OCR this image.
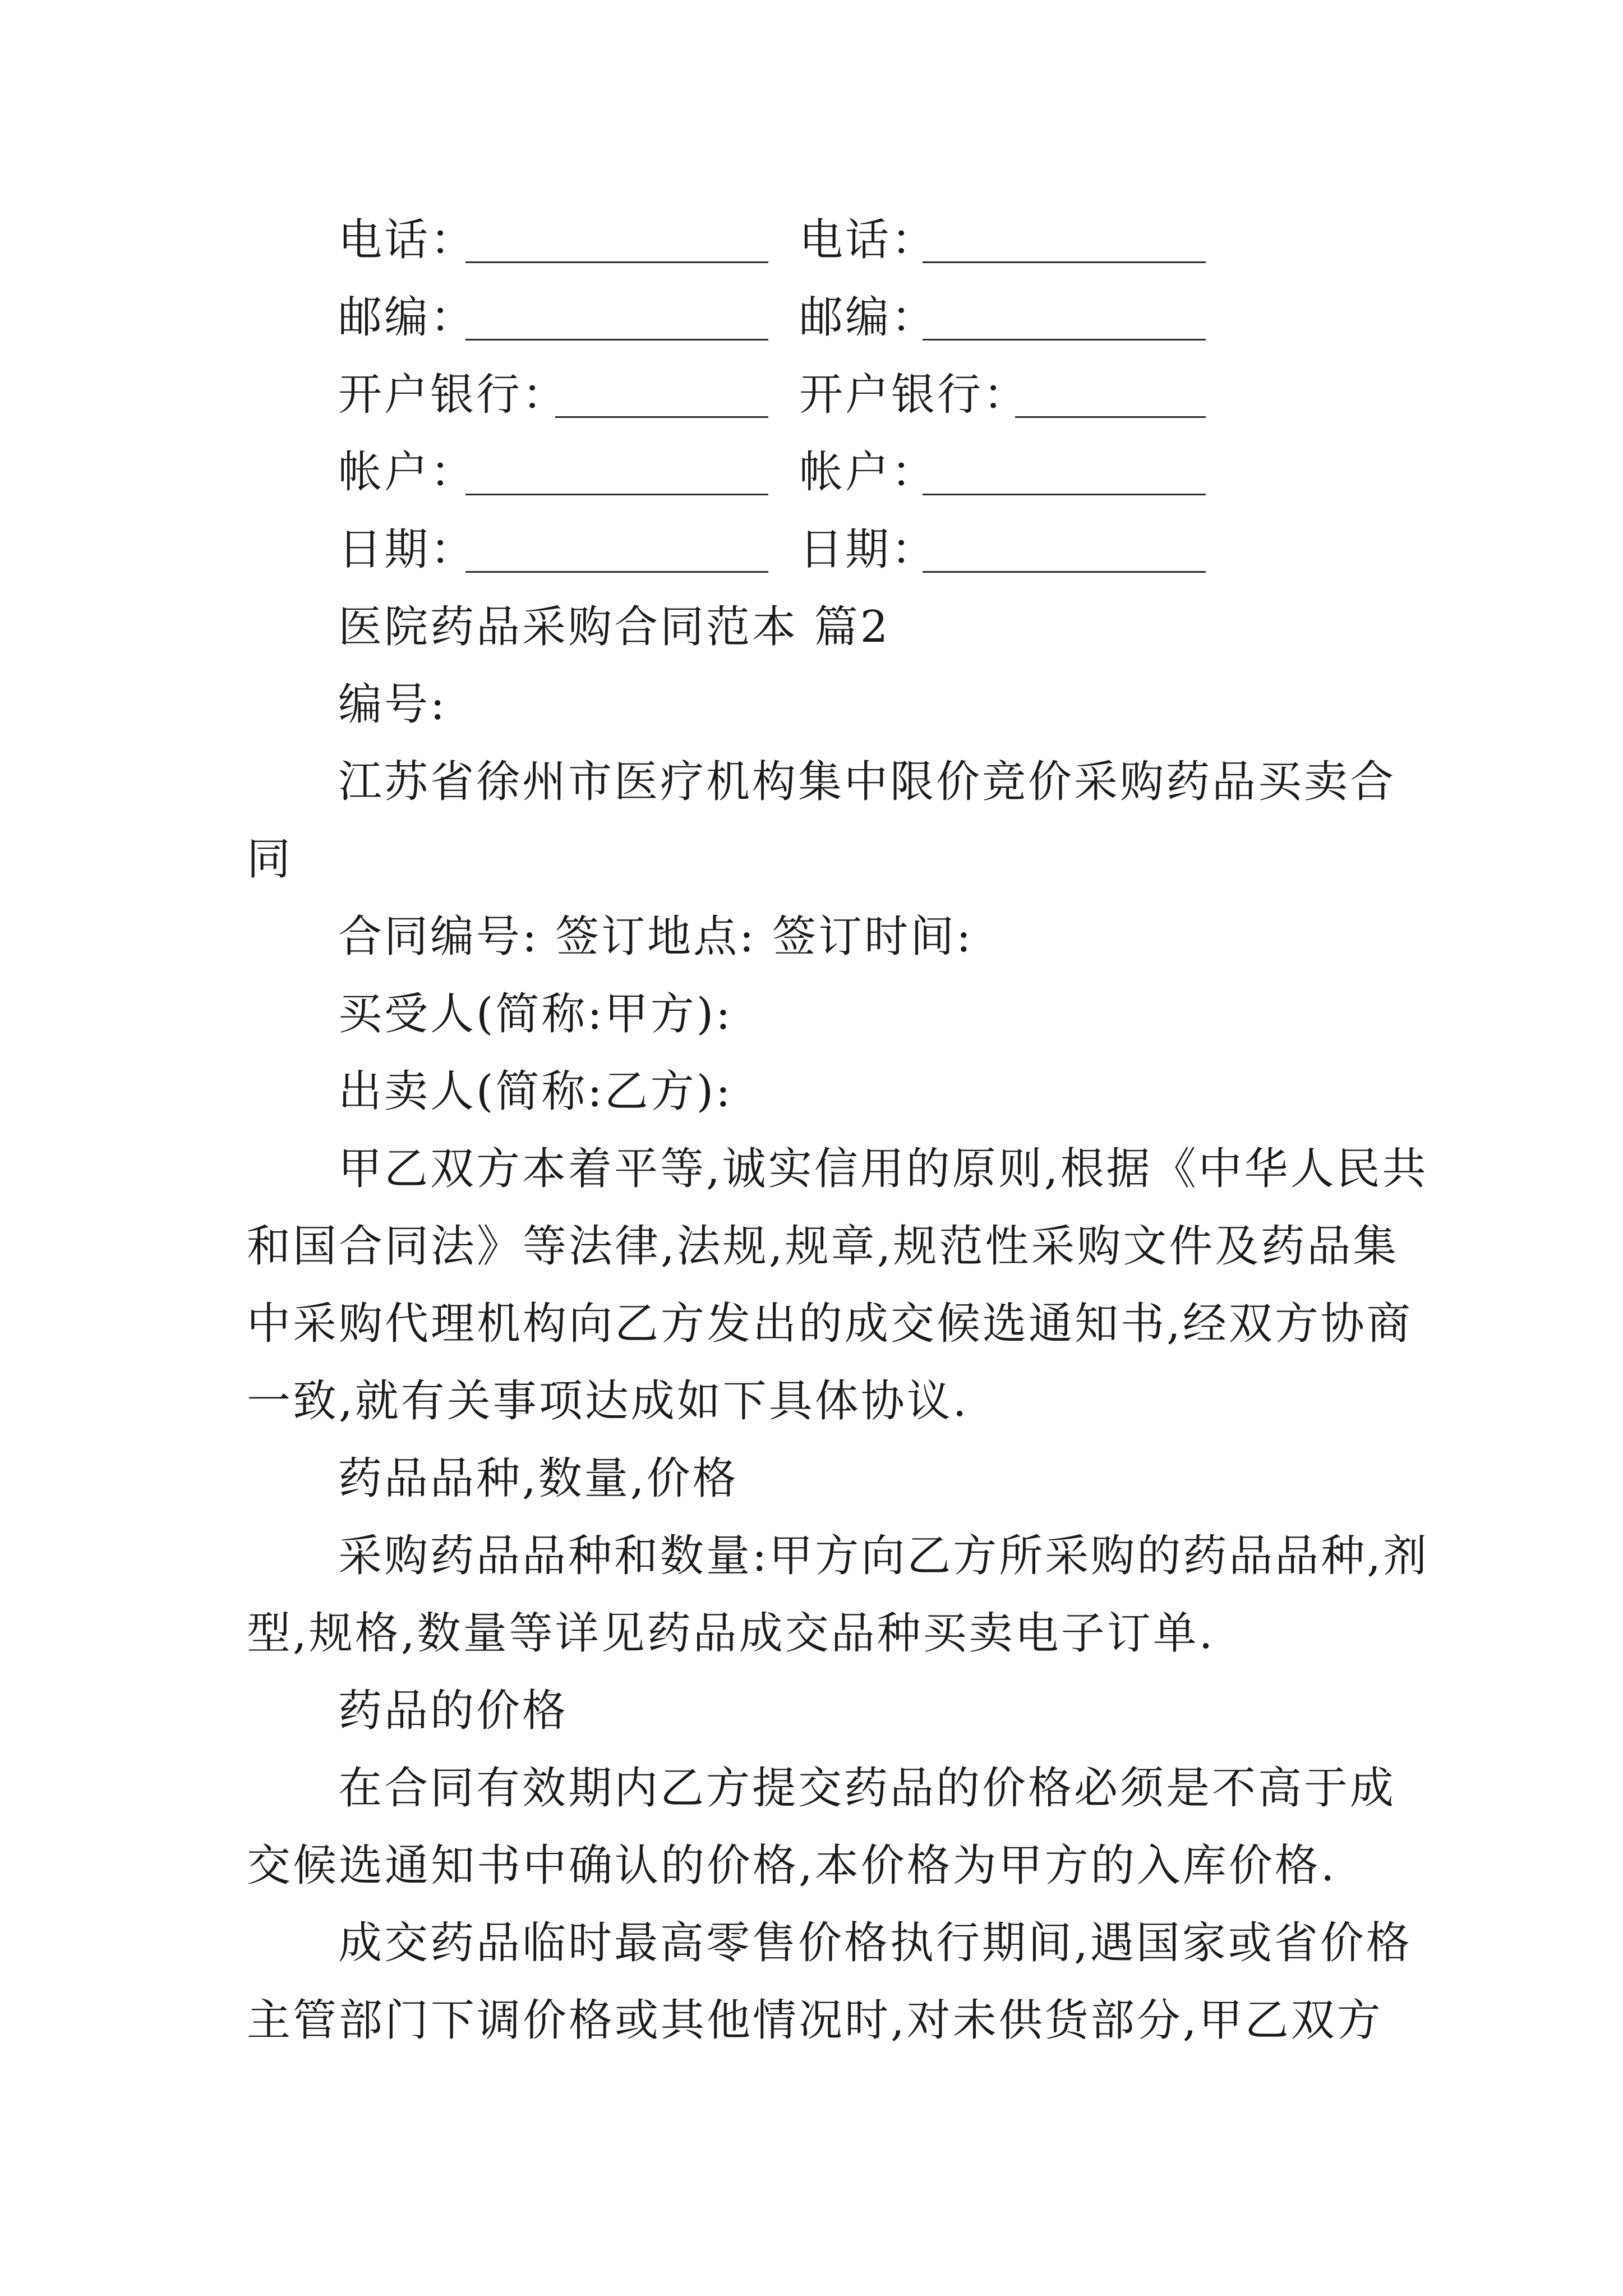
电话：	电话：
邮编：	邮编：
开户银行：	开户银行：
帐户：	帐户：
日期：	日期：
医院药品采购合同范本 篇2
编号:
江苏省徐州市医疗机构集中限价竞价采购药品买卖合
同
合同编号: 签订地点: 签订时间:
买受人(简称:甲方):
出卖人(简称:乙方):
甲乙双方本着平等,诚实信用的原则,根据《中华人民共
和国合同法》等法律,法规,规章,规范性采购文件及药品集
中采购代理机构向乙方发出的成交候选通知书,经双方协商
一致,就有关事项达成如下具体协议.
药品品种,数量,价格
采购药品品种和数量:甲方向乙方所采购的药品品种,剂
型,规格,数量等详见药品成交品种买卖电子订单.
药品的价格
在合同有效期内乙方提交药品的价格必须是不高于成
交候选通知书中确认的价格,本价格为甲方的入库价格.
成交药品临时最高零售价格执行期间,遇国家或省价格
主管部门下调价格或其他情况时,对未供货部分,甲乙双方
